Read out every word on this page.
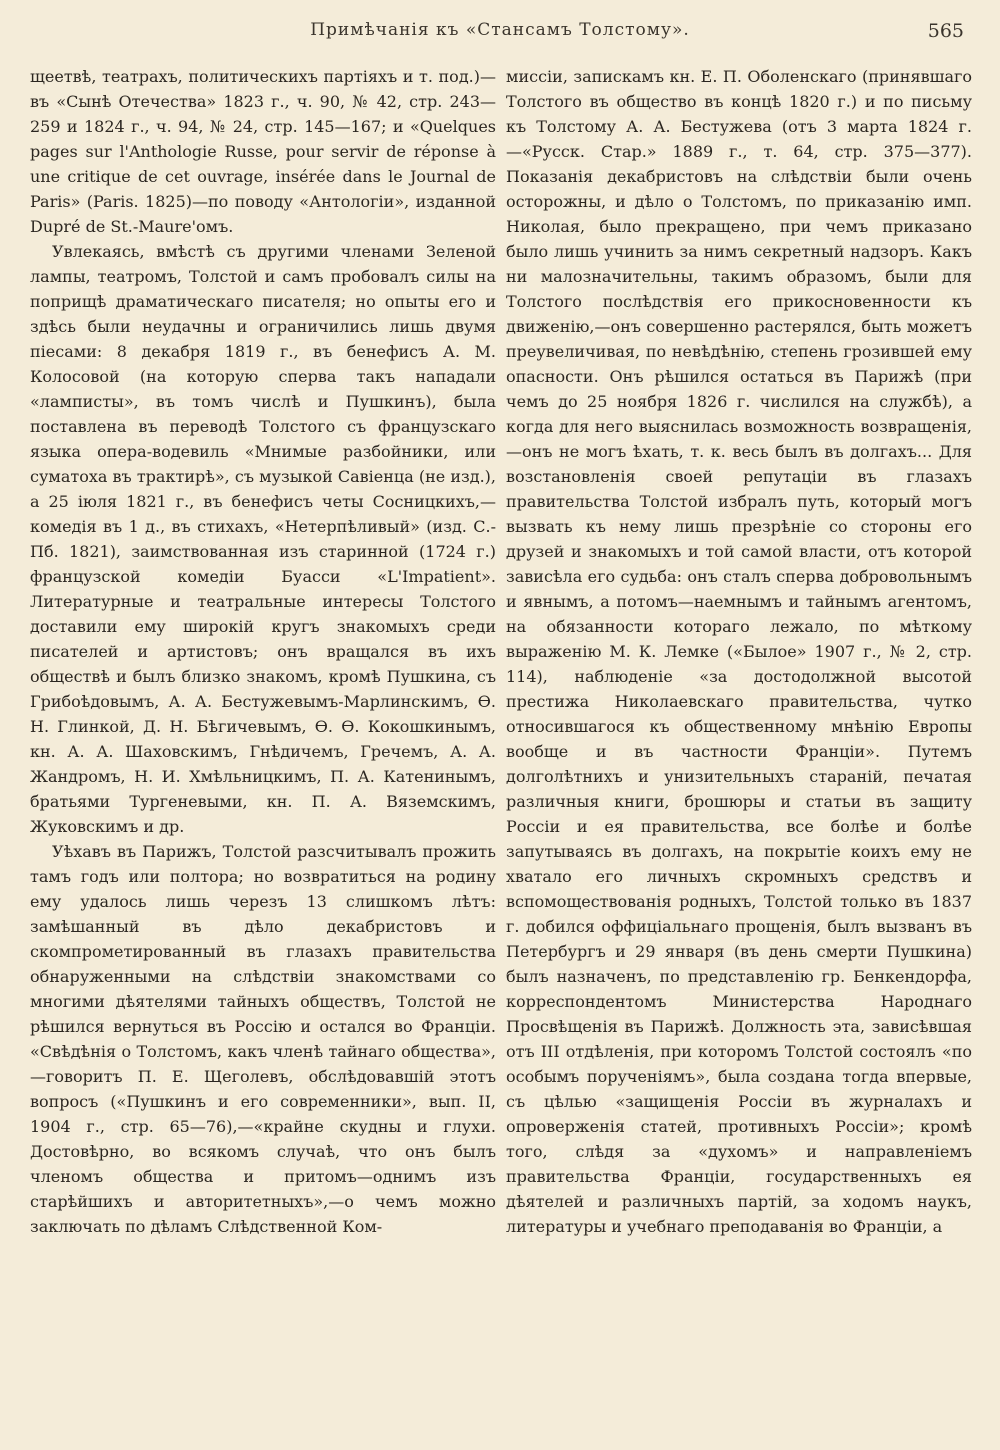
Примѣчанія къ «Стансамъ Толстому».	565

щеетвѣ, театрахъ, политическихъ партіяхъ и т. под.)—въ «Сынѣ Отечества» 1823 г., ч. 90, № 42, стр. 243—259 и 1824 г., ч. 94, № 24, стр. 145—167; и «Quelques pages sur l'Anthologie Russe, pour servir de réponse à une critique de cet ouvrage, insérée dans le Journal de Paris» (Paris. 1825)—по поводу «Антологіи», изданной Dupré de St.-Maure'омъ.

Увлекаясь, вмѣстѣ съ другими членами Зеленой лампы, театромъ, Толстой и самъ пробовалъ силы на поприщѣ драматическаго писателя; но опыты его и здѣсь были неудачны и ограничились лишь двумя піесами: 8 декабря 1819 г., въ бенефисъ А. М. Колосовой (на которую сперва такъ нападали «ламписты», въ томъ числѣ и Пушкинъ), была поставлена въ переводѣ Толстого съ французскаго языка опера-водевиль «Мнимые разбойники, или суматоха въ трактирѣ», съ музыкой Савіенца (не изд.), а 25 іюля 1821 г., въ бенефисъ четы Сосницкихъ,—комедія въ 1 д., въ стихахъ, «Нетерпѣливый» (изд. С.-Пб. 1821), заимствованная изъ старинной (1724 г.) французской комедіи Буасси «L'Impatient». Литературные и театральные интересы Толстого доставили ему широкій кругъ знакомыхъ среди писателей и артистовъ; онъ вращался въ ихъ обществѣ и былъ близко знакомъ, кромѣ Пушкина, съ Грибоѣдовымъ, А. А. Бестужевымъ-Марлинскимъ, Ѳ. Н. Глинкой, Д. Н. Бѣгичевымъ, Ѳ. Ѳ. Кокошкинымъ, кн. А. А. Шаховскимъ, Гнѣдичемъ, Гречемъ, А. А. Жандромъ, Н. И. Хмѣльницкимъ, П. А. Катенинымъ, братьями Тургеневыми, кн. П. А. Вяземскимъ, Жуковскимъ и др.

Уѣхавъ въ Парижъ, Толстой разсчитывалъ прожить тамъ годъ или полтора; но возвратиться на родину ему удалось лишь черезъ 13 слишкомъ лѣтъ: замѣшанный въ дѣло декабристовъ и скомпрометированный въ глазахъ правительства обнаруженными на слѣдствіи знакомствами со многими дѣятелями тайныхъ обществъ, Толстой не рѣшился вернуться въ Россію и остался во Франціи. «Свѣдѣнія о Толстомъ, какъ членѣ тайнаго общества»,—говоритъ П. Е. Щеголевъ, обслѣдовавшій этотъ вопросъ («Пушкинъ и его современники», вып. II, 1904 г., стр. 65—76),—«крайне скудны и глухи. Достовѣрно, во всякомъ случаѣ, что онъ былъ членомъ общества и притомъ—однимъ изъ старѣйшихъ и авторитетныхъ»,—о чемъ можно заключать по дѣламъ Слѣдственной Ком-

миссіи, запискамъ кн. Е. П. Оболенскаго (принявшаго Толстого въ общество въ концѣ 1820 г.) и по письму къ Толстому А. А. Бестужева (отъ 3 марта 1824 г.—«Русск. Стар.» 1889 г., т. 64, стр. 375—377). Показанія декабристовъ на слѣдствіи были очень осторожны, и дѣло о Толстомъ, по приказанію имп. Николая, было прекращено, при чемъ приказано было лишь учинить за нимъ секретный надзоръ. Какъ ни малозначительны, такимъ образомъ, были для Толстого послѣдствія его прикосновенности къ движенію,—онъ совершенно растерялся, быть можетъ преувеличивая, по невѣдѣнію, степень грозившей ему опасности. Онъ рѣшился остаться въ Парижѣ (при чемъ до 25 ноября 1826 г. числился на службѣ), а когда для него выяснилась возможность возвращенія,—онъ не могъ ѣхать, т. к. весь былъ въ долгахъ... Для возстановленія своей репутаціи въ глазахъ правительства Толстой избралъ путь, который могъ вызвать къ нему лишь презрѣніе со стороны его друзей и знакомыхъ и той самой власти, отъ которой зависѣла его судьба: онъ сталъ сперва добровольнымъ и явнымъ, а потомъ—наемнымъ и тайнымъ агентомъ, на обязанности котораго лежало, по мѣткому выраженію М. К. Лемке («Былое» 1907 г., № 2, стр. 114), наблюденіе «за достодолжной высотой престижа Николаевскаго правительства, чутко относившагося къ общественному мнѣнію Европы вообще и въ частности Франціи». Путемъ долголѣтнихъ и унизительныхъ стараній, печатая различныя книги, брошюры и статьи въ защиту Россіи и ея правительства, все болѣе и болѣе запутываясь въ долгахъ, на покрытіе коихъ ему не хватало его личныхъ скромныхъ средствъ и вспомоществованія родныхъ, Толстой только въ 1837 г. добился оффиціальнаго прощенія, былъ вызванъ въ Петербургъ и 29 января (въ день смерти Пушкина) былъ назначенъ, по представленію гр. Бенкендорфа, корреспондентомъ Министерства Народнаго Просвѣщенія въ Парижѣ. Должность эта, зависѣвшая отъ III отдѣленія, при которомъ Толстой состоялъ «по особымъ порученіямъ», была создана тогда впервые, съ цѣлью «защищенія Россіи въ журналахъ и опроверженія статей, противныхъ Россіи»; кромѣ того, слѣдя за «духомъ» и направленіемъ правительства Франціи, государственныхъ ея дѣятелей и различныхъ партій, за ходомъ наукъ, литературы и учебнаго преподаванія во Франціи, а
